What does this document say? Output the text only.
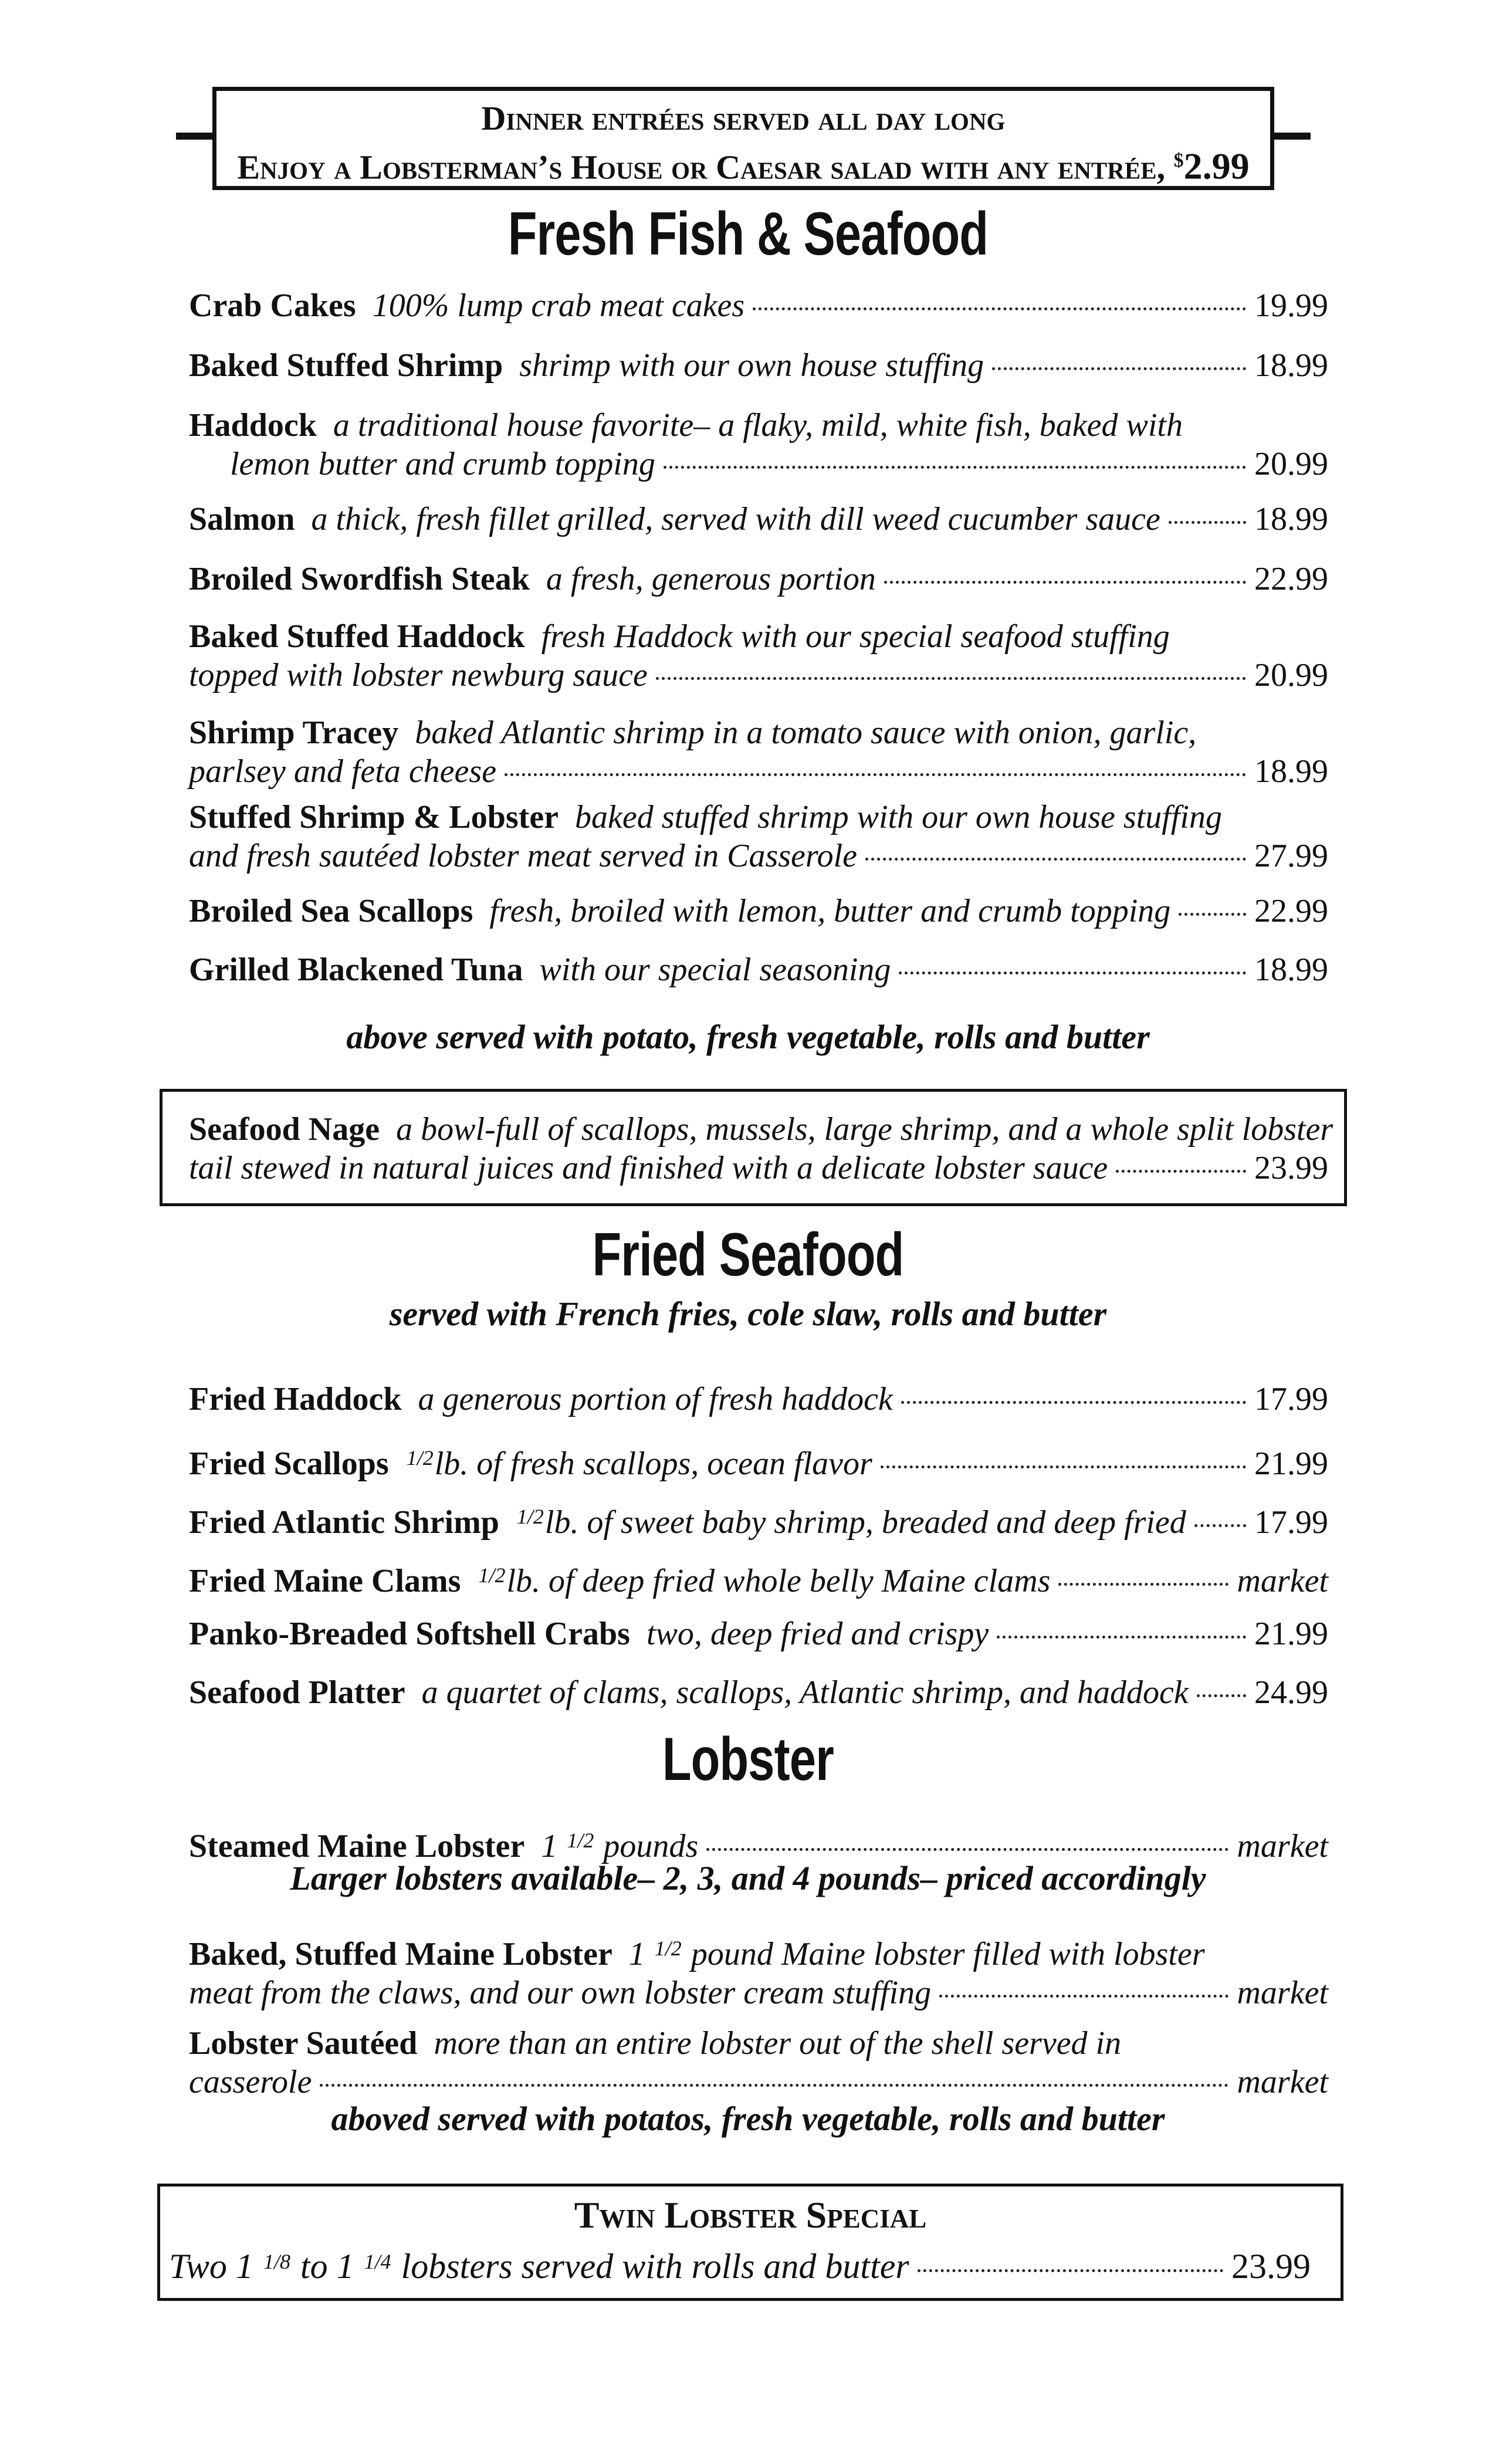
Dinner entrées served all day long
Enjoy a Lobsterman’s House or Caesar salad with any entrée, $2.99
Fresh Fish & Seafood
Crab Cakes 100% lump crab meat cakes	19.99
Baked Stuffed Shrimp shrimp with our own house stuffing	18.99
Haddock a traditional house favorite– a flaky, mild, white fish, baked with
lemon butter and crumb topping	20.99
Salmon a thick, fresh fillet grilled, served with dill weed cucumber sauce	18.99
Broiled Swordfish Steak a fresh, generous portion	22.99
Baked Stuffed Haddock fresh Haddock with our special seafood stuffing
topped with lobster newburg sauce	20.99
Shrimp Tracey baked Atlantic shrimp in a tomato sauce with onion, garlic,
parlsey and feta cheese	18.99
Stuffed Shrimp & Lobster baked stuffed shrimp with our own house stuffing
and fresh sautéed lobster meat served in Casserole	27.99
Broiled Sea Scallops fresh, broiled with lemon, butter and crumb topping	22.99
Grilled Blackened Tuna with our special seasoning	18.99
above served with potato, fresh vegetable, rolls and butter
Seafood Nage a bowl-full of scallops, mussels, large shrimp, and a whole split lobster
tail stewed in natural juices and finished with a delicate lobster sauce	23.99
Fried Seafood
served with French fries, cole slaw, rolls and butter
Fried Haddock a generous portion of fresh haddock	17.99
Fried Scallops $^{1/2}$lb. of fresh scallops, ocean flavor	21.99
Fried Atlantic Shrimp $^{1/2}$lb. of sweet baby shrimp, breaded and deep fried 17.99
Fried Maine Clams $^{1/2}$lb. of deep fried whole belly Maine clams	market
Panko-Breaded Softshell Crabs two, deep fried and crispy	21.99
Seafood Platter a quartet of clams, scallops, Atlantic shrimp, and haddock 24.99
Lobster
Steamed Maine Lobster 1 $^{1/2}$ pounds	market
Larger lobsters available– 2, 3, and 4 pounds– priced accordingly
Baked, Stuffed Maine Lobster 1 $^{1/2}$ pound Maine lobster filled with lobster
meat from the claws, and our own lobster cream stuffing	market
Lobster Sautéed more than an entire lobster out of the shell served in
casserole	market
aboved served with potatos, fresh vegetable, rolls and butter
Twin Lobster Special
Two 1 $^{1/8}$ to 1 $^{1/4}$ lobsters served with rolls and butter	23.99
